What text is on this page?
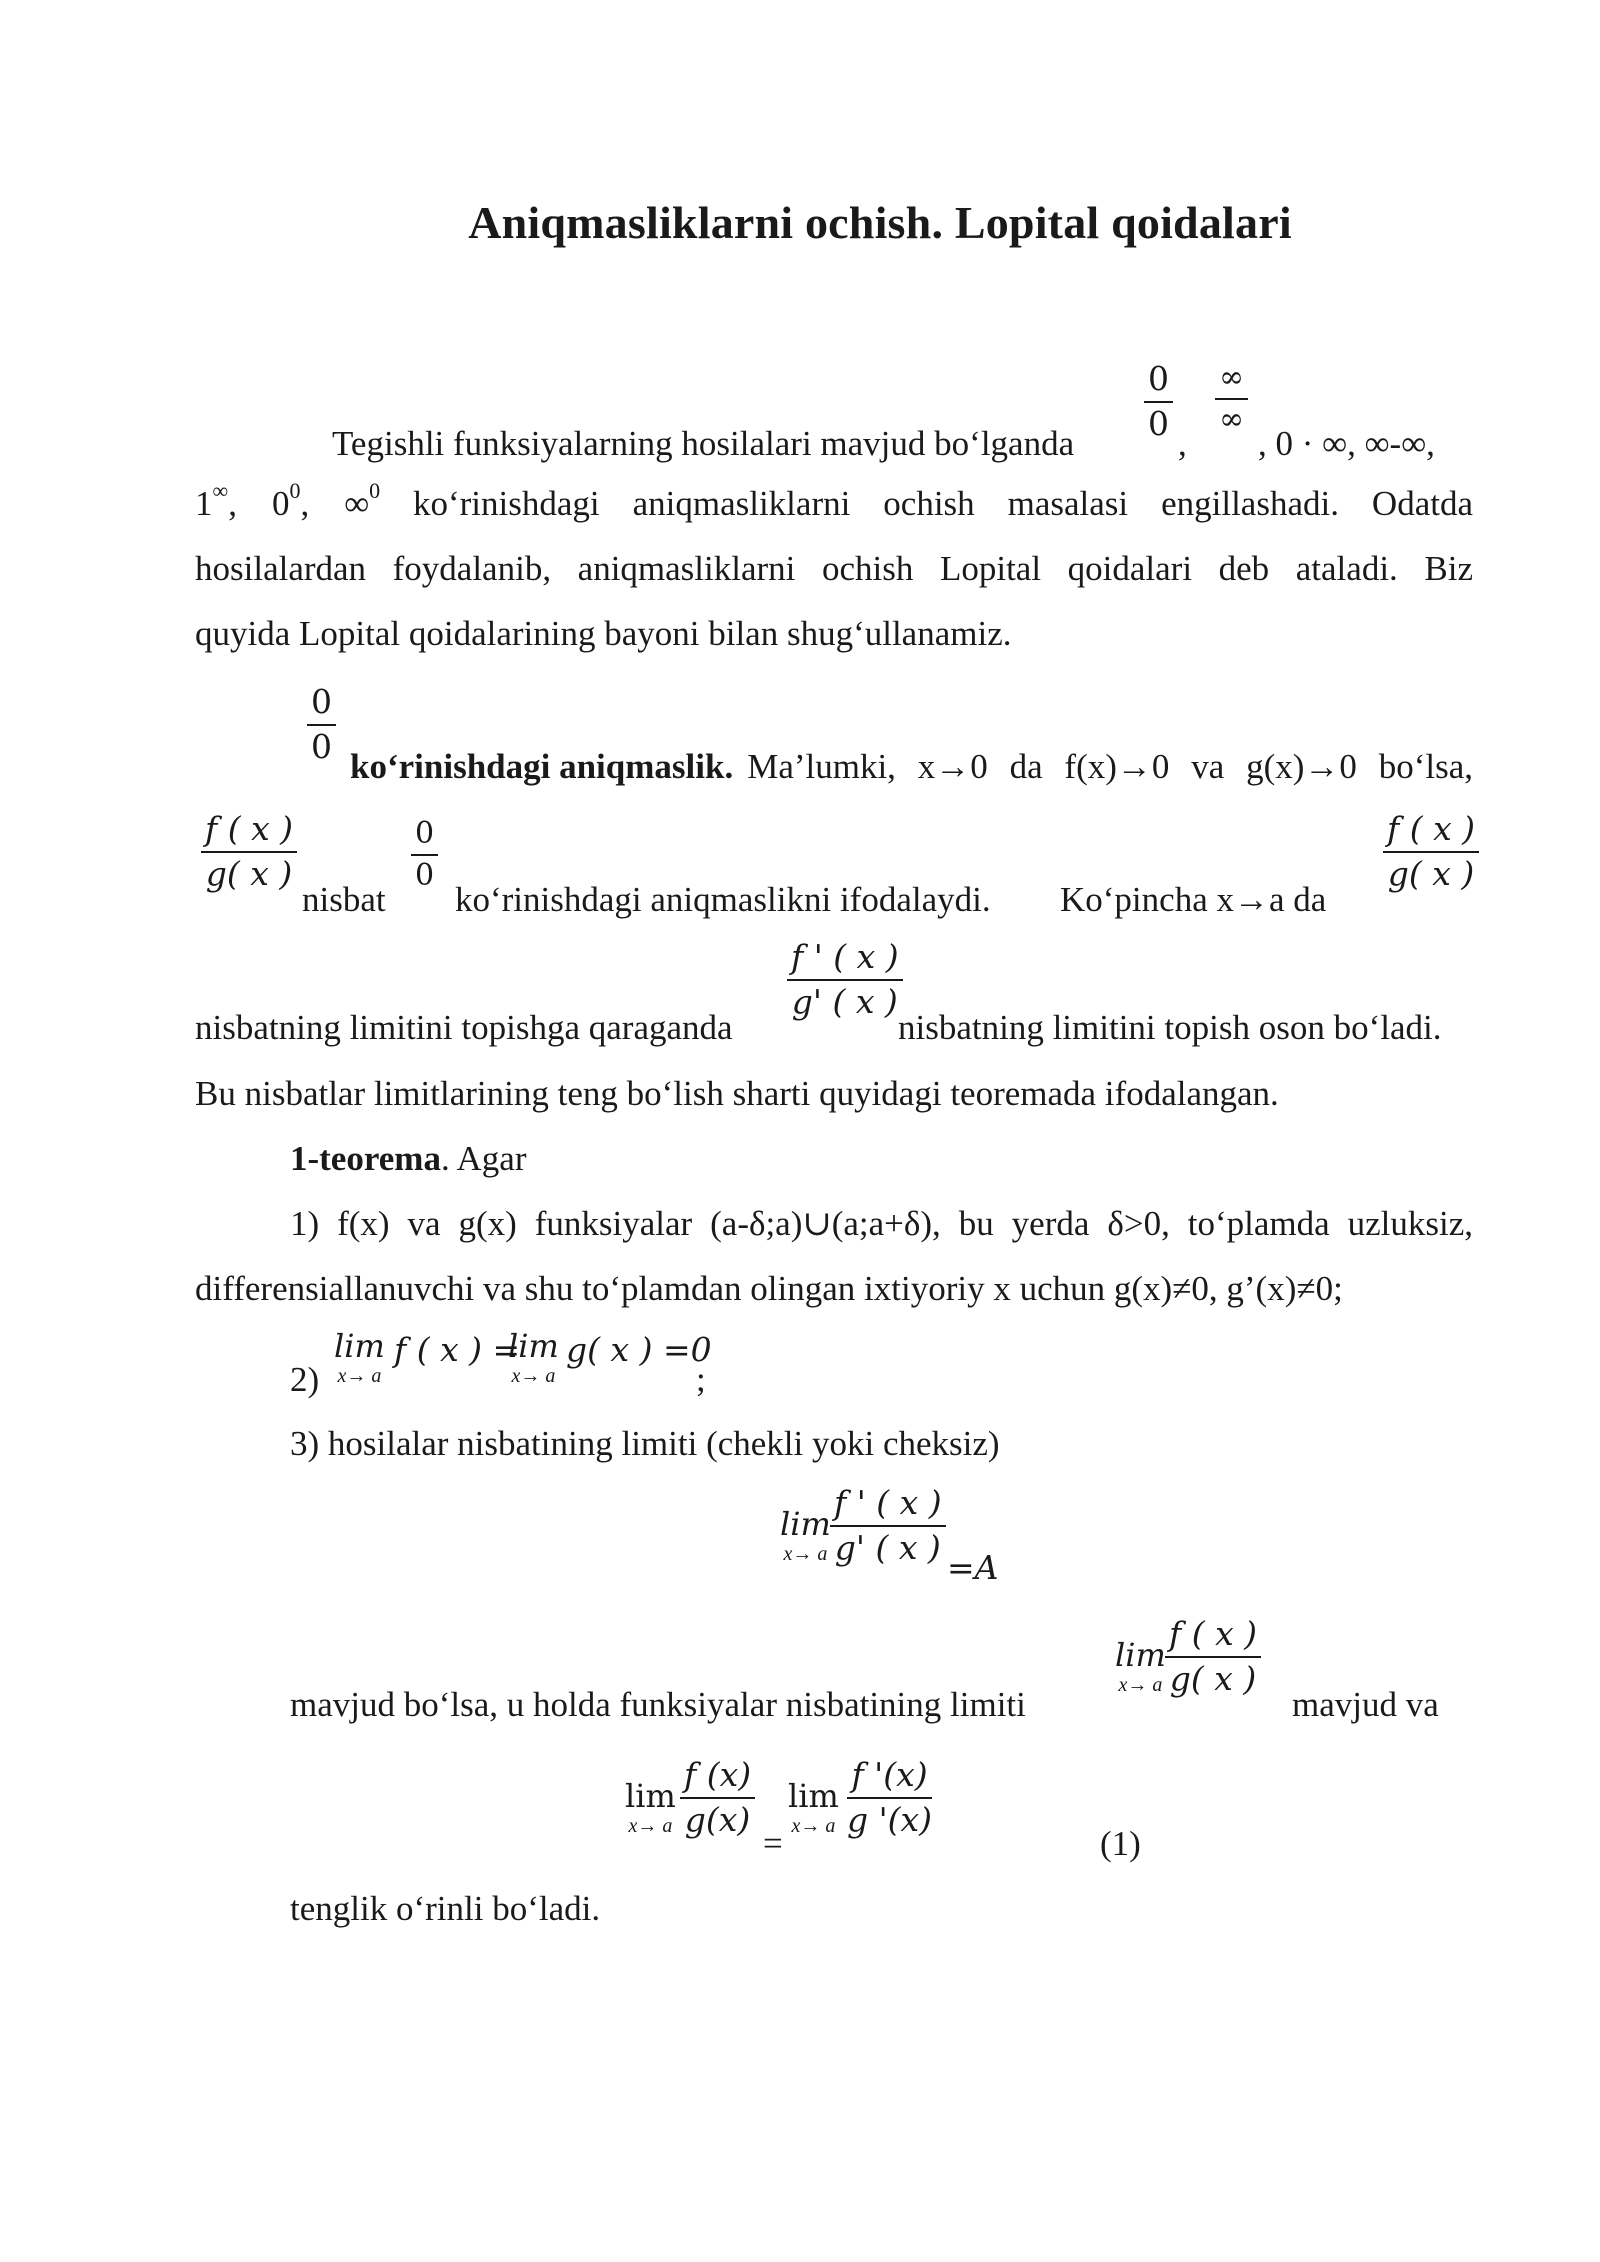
Aniqmasliklarni ochish. Lopital qoidalari
Tegishli funksiyalarning hosilalari mavjud bo‘lganda
$\frac{0}{0}$
,
∞
∞
, 0 · ∞, ∞-∞,
1∞,    $0^0$,    ∞$^0$ ko‘rinishdagi aniqmasliklarni ochish masalasi engillashadi. Odatda
hosilalardan foydalanib, aniqmasliklarni ochish Lopital qoidalari deb ataladi. Biz
quyida Lopital qoidalarining bayoni bilan shug‘ullanamiz.
$\frac{0}{0}$
ko‘rinishdagi aniqmaslik. Ma’lumki, x→0 da f(x)→0 va g(x)→0 bo‘lsa,
$\frac{f ( x )}{g( x )}$
nisbat
$\frac{0}{0}$
ko‘rinishdagi aniqmaslikni ifodalaydi. Ko‘pincha x→a da
$\frac{f ( x )}{g( x )}$
nisbatning limitini topishga qaraganda
$\frac{f ' ( x )}{g' ( x )}$
nisbatning limitini topish oson bo‘ladi.
Bu nisbatlar limitlarining teng bo‘lish sharti quyidagi teoremada ifodalangan.
1-teorema. Agar
1) f(x) va g(x) funksiyalar (a-δ;a)∪(a;a+δ), bu yerda δ>0, to‘plamda uzluksiz,
differensiallanuvchi va shu to‘plamdan olingan ixtiyoriy x uchun g(x)≠0, g’(x)≠0;
2)
lim
x→ a
f ( x ) =
lim
x→ a
g( x ) =0
;
3) hosilalar nisbatining limiti (chekli yoki cheksiz)
lim
x→ a $\frac{f ' ( x )}{g' ( x )}$
=A
mavjud bo‘lsa, u holda funksiyalar nisbatining limiti
lim
x→ a $\frac{f ( x )}{g( x )}$
mavjud va
lim
x→ a $\frac{f (x)}{g(x)}$
=
lim
x→ a $\frac{f '(x)}{g '(x)}$
(1)
tenglik o‘rinli bo‘ladi.
